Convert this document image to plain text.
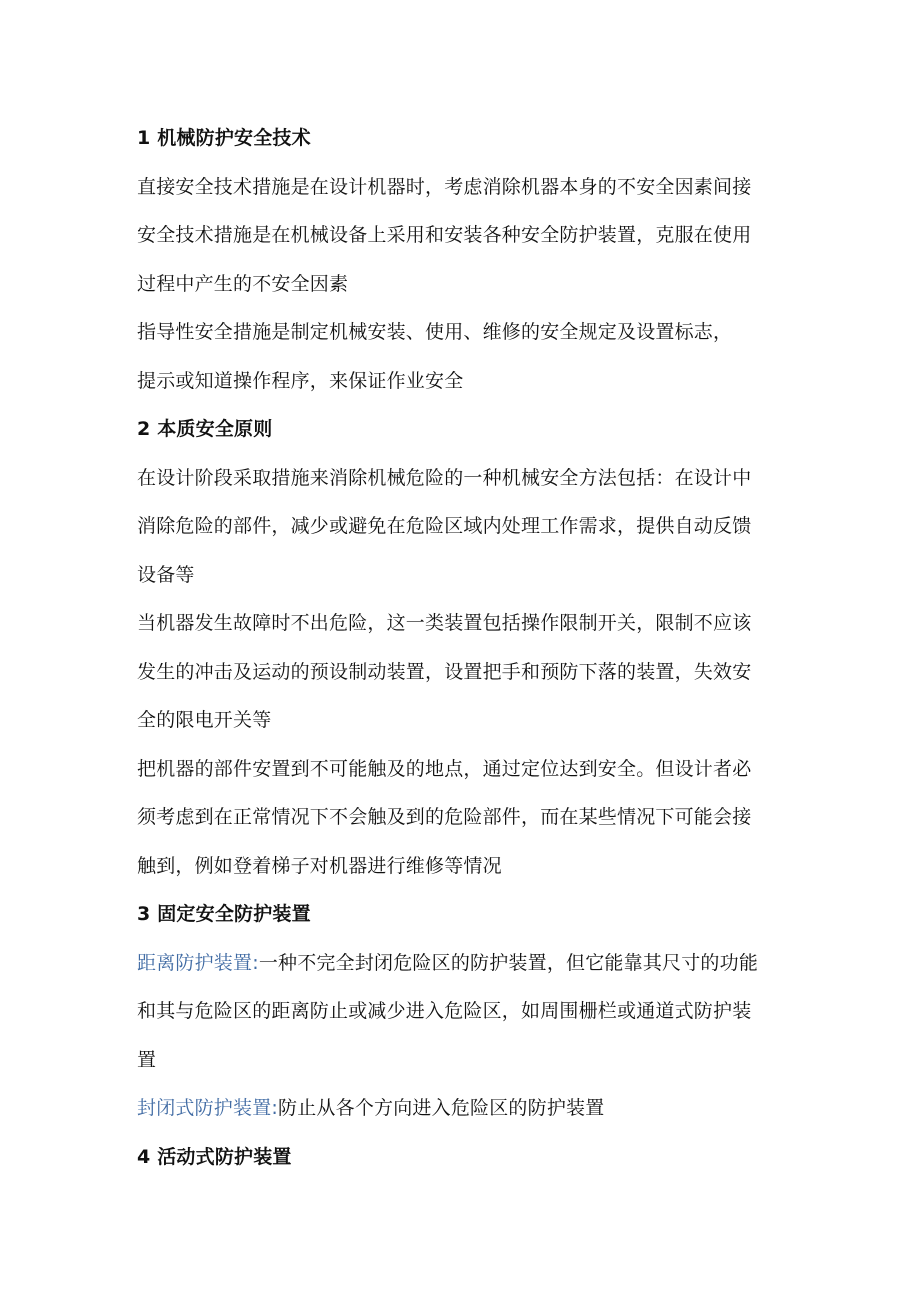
1 机械防护安全技术
直接安全技术措施是在设计机器时，考虑消除机器本身的不安全因素间接
安全技术措施是在机械设备上采用和安装各种安全防护装置，克服在使用
过程中产生的不安全因素
指导性安全措施是制定机械安装、使用、维修的安全规定及设置标志，
提示或知道操作程序，来保证作业安全
2 本质安全原则
在设计阶段采取措施来消除机械危险的一种机械安全方法包括：在设计中
消除危险的部件，减少或避免在危险区域内处理工作需求，提供自动反馈
设备等
当机器发生故障时不出危险，这一类装置包括操作限制开关，限制不应该
发生的冲击及运动的预设制动装置，设置把手和预防下落的装置，失效安
全的限电开关等
把机器的部件安置到不可能触及的地点，通过定位达到安全。但设计者必
须考虑到在正常情况下不会触及到的危险部件，而在某些情况下可能会接
触到，例如登着梯子对机器进行维修等情况
3 固定安全防护装置
距离防护装置:一种不完全封闭危险区的防护装置，但它能靠其尺寸的功能
和其与危险区的距离防止或减少进入危险区，如周围栅栏或通道式防护装
置
封闭式防护装置:防止从各个方向进入危险区的防护装置
4 活动式防护装置
